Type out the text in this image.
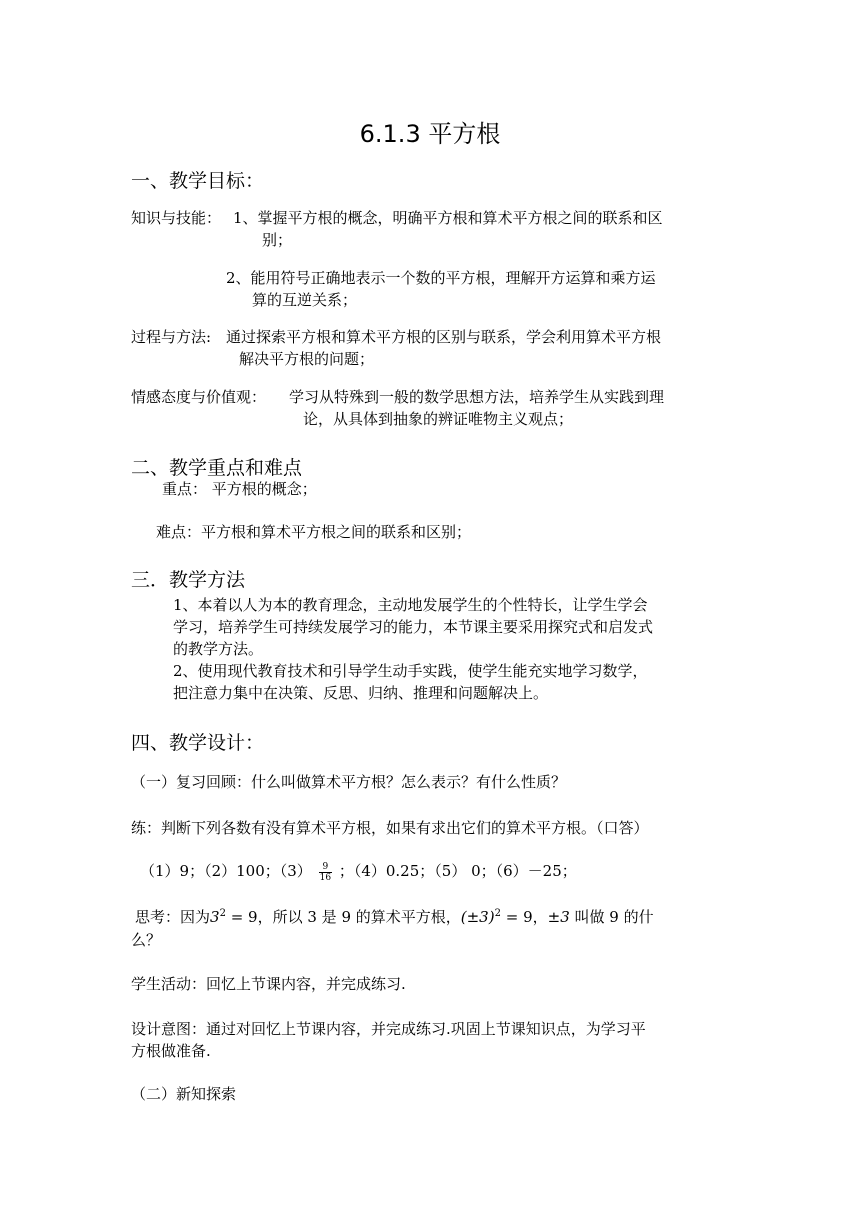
6.1.3 平方根
一、教学目标：
知识与技能： 1、掌握平方根的概念，明确平方根和算术平方根之间的联系和区
别；
2、能用符号正确地表示一个数的平方根，理解开方运算和乘方运
算的互逆关系；
过程与方法: 通过探索平方根和算术平方根的区别与联系，学会利用算术平方根
解决平方根的问题；
情感态度与价值观： 学习从特殊到一般的数学思想方法，培养学生从实践到理
论，从具体到抽象的辨证唯物主义观点；
二、教学重点和难点
重点： 平方根的概念；
难点：平方根和算术平方根之间的联系和区别；
三．教学方法
1、本着以人为本的教育理念，主动地发展学生的个性特长，让学生学会
学习，培养学生可持续发展学习的能力，本节课主要采用探究式和启发式
的教学方法。
2、使用现代教育技术和引导学生动手实践，使学生能充实地学习数学，
把注意力集中在决策、反思、归纳、推理和问题解决上。
四、教学设计：
（一）复习回顾：什么叫做算术平方根？怎么表示？有什么性质？
练：判断下列各数有没有算术平方根，如果有求出它们的算术平方根。（口答）
（1）9；（2）100；$(3) \frac{9}{16}$ ；（4）0.25；（5） 0；（6）－25；
思考：因为$3^2 = 9$，所以 3 是 9 的算术平方根，$(\pm 3)^2 = 9$，±3 叫做 9 的什
么？
学生活动：回忆上节课内容，并完成练习.
设计意图：通过对回忆上节课内容，并完成练习.巩固上节课知识点，为学习平
方根做准备.
（二）新知探索
